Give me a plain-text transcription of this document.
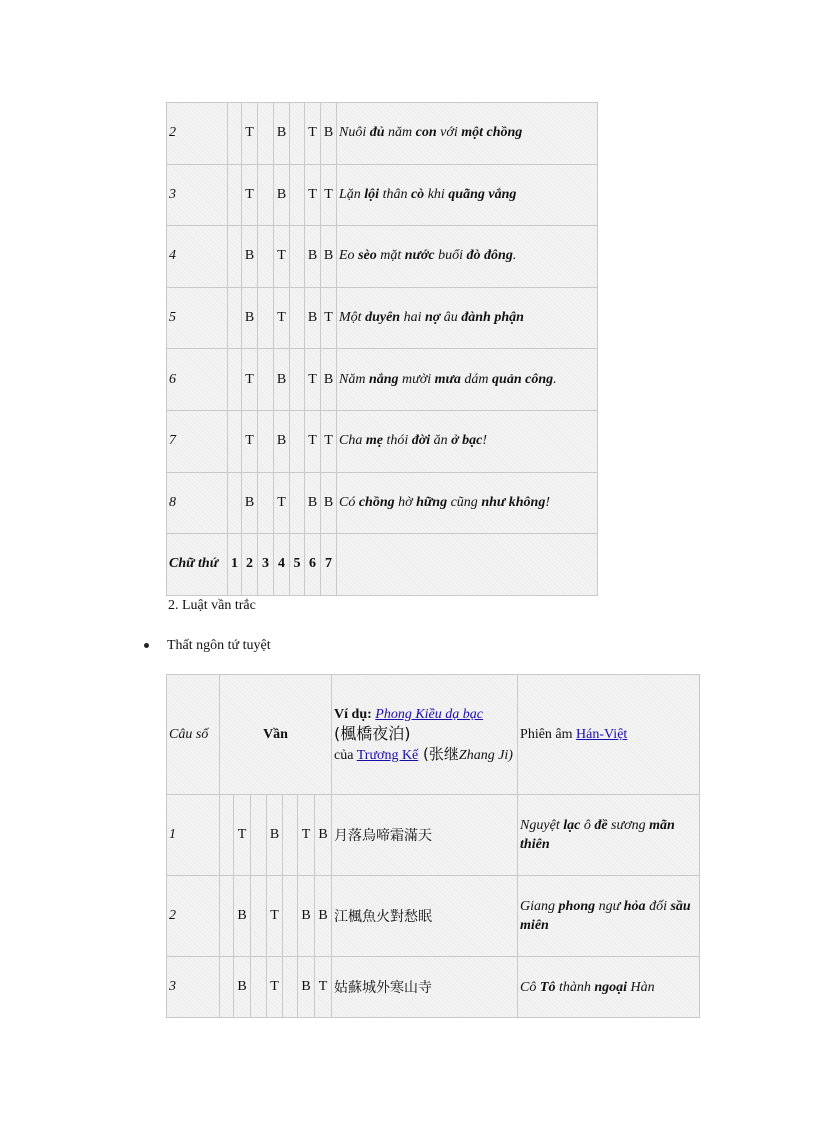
2		T		B		T	B	Nuôi đủ năm con với một chồng
3		T		B		T	T	Lặn lội thân cò khi quãng vắng
4		B		T		B	B	Eo sèo mặt nước buổi đò đông.
5		B		T		B	T	Một duyên hai nợ âu đành phận
6		T		B		T	B	Năm nắng mười mưa dám quản công.
7		T		B		T	T	Cha mẹ thói đời ăn ở bạc!
8		B		T		B	B	Có chồng hờ hững cũng như không!
Chữ thứ	1	2	3	4	5	6	7	
2. Luật vần trắc
Thất ngôn tứ tuyệt
Câu số	Vần							Ví dụ: Phong Kiều dạ bạc
(楓橋夜泊)
của Trương Kế (张继Zhang Ji)	Phiên âm Hán-Việt
1		T		B		T	B	月落烏啼霜滿天	Nguyệt lạc ô đề sương mãn thiên
2		B		T		B	B	江楓魚火對愁眠	Giang phong ngư hỏa đối sầu miên
3		B		T		B	T	姑蘇城外寒山寺	Cô Tô thành ngoại Hàn
